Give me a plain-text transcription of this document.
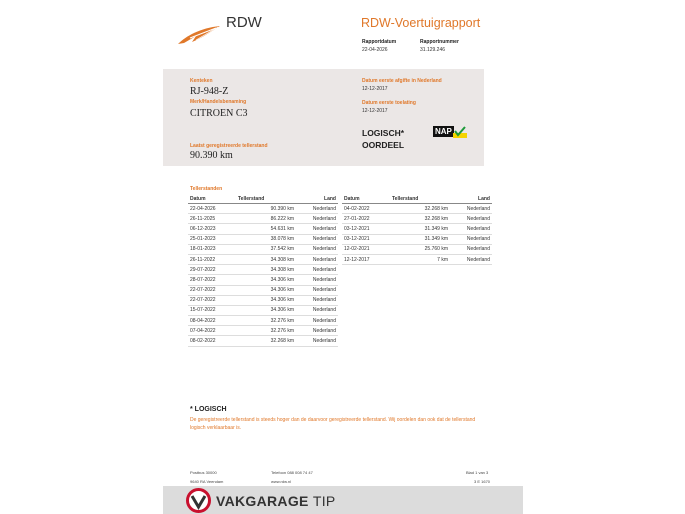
RDW	RDW-Voertuigrapport
Rapportdatum
22-04-2026
Rapportnummer
31.129.246
Kenteken
RJ-948-Z
Merk/Handelsbenaming
CITROEN C3
Laatst geregistreerde tellerstand
90.390 km
Datum eerste afgifte in Nederland
12-12-2017
Datum eerste toelating
12-12-2017
LOGISCH*
OORDEEL
NAP
Tellerstanden
Datum	Tellerstand	Land
22-04-2026	90.390 km	Nederland
26-11-2025	86.222 km	Nederland
06-12-2023	54.631 km	Nederland
25-01-2023	38.078 km	Nederland
18-01-2023	37.542 km	Nederland
26-11-2022	34.308 km	Nederland
29-07-2022	34.308 km	Nederland
28-07-2022	34.306 km	Nederland
22-07-2022	34.306 km	Nederland
22-07-2022	34.306 km	Nederland
15-07-2022	34.306 km	Nederland
08-04-2022	32.276 km	Nederland
07-04-2022	32.276 km	Nederland
08-02-2022	32.268 km	Nederland
Datum	Tellerstand	Land
04-02-2022	32.268 km	Nederland
27-01-2022	32.268 km	Nederland
03-12-2021	31.349 km	Nederland
03-12-2021	31.349 km	Nederland
12-02-2021	25.760 km	Nederland
12-12-2017	7 km	Nederland
* LOGISCH
De geregistreerde tellerstand is steeds hoger dan de daarvoor geregistreerde tellerstand. Wij oordelen dan ook dat de tellerstand logisch verklaarbaar is.
Postbus 30000
9640 RA Veendam
Telefoon 088 008 74 47
www.rdw.nl
Blad 1 van 3
3 E 1670
VAKGARAGE TIP
